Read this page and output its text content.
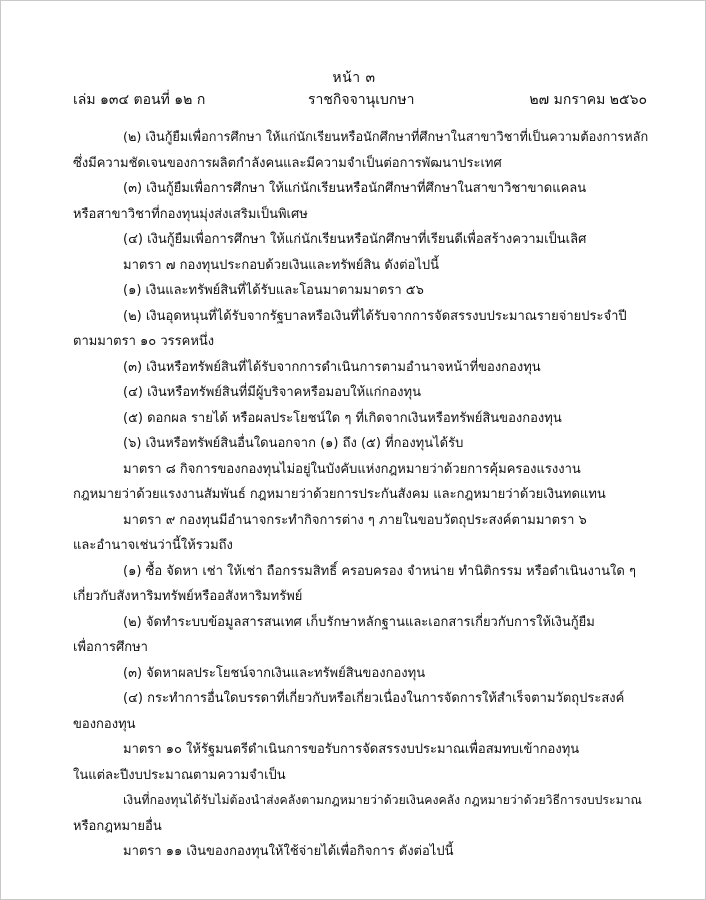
หน้า ๓
เล่ม ๑๓๔ ตอนที่ ๑๒ ก	ราชกิจจานุเบกษา	๒๗ มกราคม ๒๕๖๐
(๒) เงินกู้ยืมเพื่อการศึกษา ให้แก่นักเรียนหรือนักศึกษาที่ศึกษาในสาขาวิชาที่เป็นความต้องการหลัก
ซึ่งมีความชัดเจนของการผลิตกำลังคนและมีความจำเป็นต่อการพัฒนาประเทศ
(๓) เงินกู้ยืมเพื่อการศึกษา ให้แก่นักเรียนหรือนักศึกษาที่ศึกษาในสาขาวิชาขาดแคลน
หรือสาขาวิชาที่กองทุนมุ่งส่งเสริมเป็นพิเศษ
(๔) เงินกู้ยืมเพื่อการศึกษา ให้แก่นักเรียนหรือนักศึกษาที่เรียนดีเพื่อสร้างความเป็นเลิศ
มาตรา ๗ กองทุนประกอบด้วยเงินและทรัพย์สิน ดังต่อไปนี้
(๑) เงินและทรัพย์สินที่ได้รับและโอนมาตามมาตรา ๕๖
(๒) เงินอุดหนุนที่ได้รับจากรัฐบาลหรือเงินที่ได้รับจากการจัดสรรงบประมาณรายจ่ายประจำปี
ตามมาตรา ๑๐ วรรคหนึ่ง
(๓) เงินหรือทรัพย์สินที่ได้รับจากการดำเนินการตามอำนาจหน้าที่ของกองทุน
(๔) เงินหรือทรัพย์สินที่มีผู้บริจาคหรือมอบให้แก่กองทุน
(๕) ดอกผล รายได้ หรือผลประโยชน์ใด ๆ ที่เกิดจากเงินหรือทรัพย์สินของกองทุน
(๖) เงินหรือทรัพย์สินอื่นใดนอกจาก (๑) ถึง (๕) ที่กองทุนได้รับ
มาตรา ๘ กิจการของกองทุนไม่อยู่ในบังคับแห่งกฎหมายว่าด้วยการคุ้มครองแรงงาน
กฎหมายว่าด้วยแรงงานสัมพันธ์ กฎหมายว่าด้วยการประกันสังคม และกฎหมายว่าด้วยเงินทดแทน
มาตรา ๙ กองทุนมีอำนาจกระทำกิจการต่าง ๆ ภายในขอบวัตถุประสงค์ตามมาตรา ๖
และอำนาจเช่นว่านี้ให้รวมถึง
(๑) ซื้อ จัดหา เช่า ให้เช่า ถือกรรมสิทธิ์ ครอบครอง จำหน่าย ทำนิติกรรม หรือดำเนินงานใด ๆ
เกี่ยวกับสังหาริมทรัพย์หรืออสังหาริมทรัพย์
(๒) จัดทำระบบข้อมูลสารสนเทศ เก็บรักษาหลักฐานและเอกสารเกี่ยวกับการให้เงินกู้ยืม
เพื่อการศึกษา
(๓) จัดหาผลประโยชน์จากเงินและทรัพย์สินของกองทุน
(๔) กระทำการอื่นใดบรรดาที่เกี่ยวกับหรือเกี่ยวเนื่องในการจัดการให้สำเร็จตามวัตถุประสงค์
ของกองทุน
มาตรา ๑๐ ให้รัฐมนตรีดำเนินการขอรับการจัดสรรงบประมาณเพื่อสมทบเข้ากองทุน
ในแต่ละปีงบประมาณตามความจำเป็น
เงินที่กองทุนได้รับไม่ต้องนำส่งคลังตามกฎหมายว่าด้วยเงินคงคลัง กฎหมายว่าด้วยวิธีการงบประมาณ
หรือกฎหมายอื่น
มาตรา ๑๑ เงินของกองทุนให้ใช้จ่ายได้เพื่อกิจการ ดังต่อไปนี้
